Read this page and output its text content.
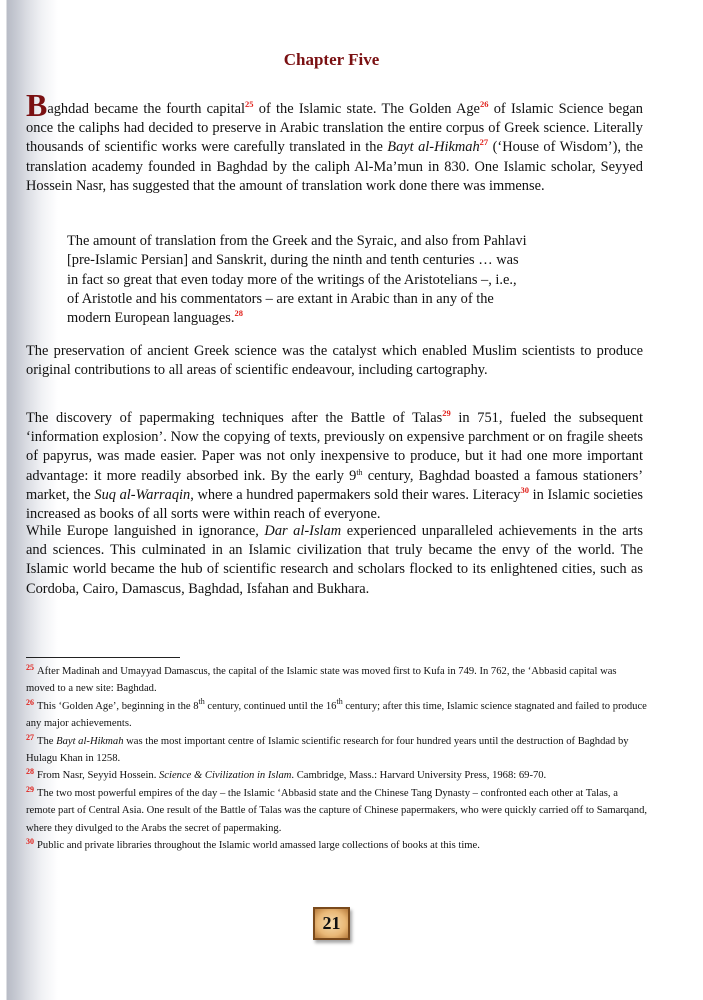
Chapter Five

Baghdad became the fourth capital$^{25}$ of the Islamic state. The Golden Age$^{26}$ of Islamic Science began once the caliphs had decided to preserve in Arabic translation the entire corpus of Greek science. Literally thousands of scientific works were carefully translated in the Bayt al-Hikmah$^{27}$ (‘House of Wisdom’), the translation academy founded in Baghdad by the caliph Al-Ma’mun in 830. One Islamic scholar, Seyyed Hossein Nasr, has suggested that the amount of translation work done there was immense.

The amount of translation from the Greek and the Syraic, and also from Pahlavi
[pre-Islamic Persian] and Sanskrit, during the ninth and tenth centuries … was
in fact so great that even today more of the writings of the Aristotelians –, i.e.,
of Aristotle and his commentators – are extant in Arabic than in any of the
modern European languages.$^{28}$

The preservation of ancient Greek science was the catalyst which enabled Muslim scientists to produce original contributions to all areas of scientific endeavour, including cartography.

The discovery of papermaking techniques after the Battle of Talas$^{29}$ in 751, fueled the subsequent ‘information explosion’. Now the copying of texts, previously on expensive parchment or on fragile sheets of papyrus, was made easier. Paper was not only inexpensive to produce, but it had one more important advantage: it more readily absorbed ink. By the early 9th century, Baghdad boasted a famous stationers’ market, the Suq al-Warraqin, where a hundred papermakers sold their wares. Literacy$^{30}$ in Islamic societies increased as books of all sorts were within reach of everyone.

While Europe languished in ignorance, Dar al-Islam experienced unparalleled achievements in the arts and sciences. This culminated in an Islamic civilization that truly became the envy of the world. The Islamic world became the hub of scientific research and scholars flocked to its enlightened cities, such as Cordoba, Cairo, Damascus, Baghdad, Isfahan and Bukhara.

$^{25}$ After Madinah and Umayyad Damascus, the capital of the Islamic state was moved first to Kufa in 749. In 762, the ‘Abbasid capital was moved to a new site: Baghdad.

$^{26}$ This ‘Golden Age’, beginning in the 8th century, continued until the 16th century; after this time, Islamic science stagnated and failed to produce any major achievements.

$^{27}$ The Bayt al-Hikmah was the most important centre of Islamic scientific research for four hundred years until the destruction of Baghdad by Hulagu Khan in 1258.

$^{28}$ From Nasr, Seyyid Hossein. Science & Civilization in Islam. Cambridge, Mass.: Harvard University Press, 1968: 69-70.

$^{29}$ The two most powerful empires of the day – the Islamic ‘Abbasid state and the Chinese Tang Dynasty – confronted each other at Talas, a remote part of Central Asia. One result of the Battle of Talas was the capture of Chinese papermakers, who were quickly carried off to Samarqand, where they divulged to the Arabs the secret of papermaking.

$^{30}$ Public and private libraries throughout the Islamic world amassed large collections of books at this time.

21
